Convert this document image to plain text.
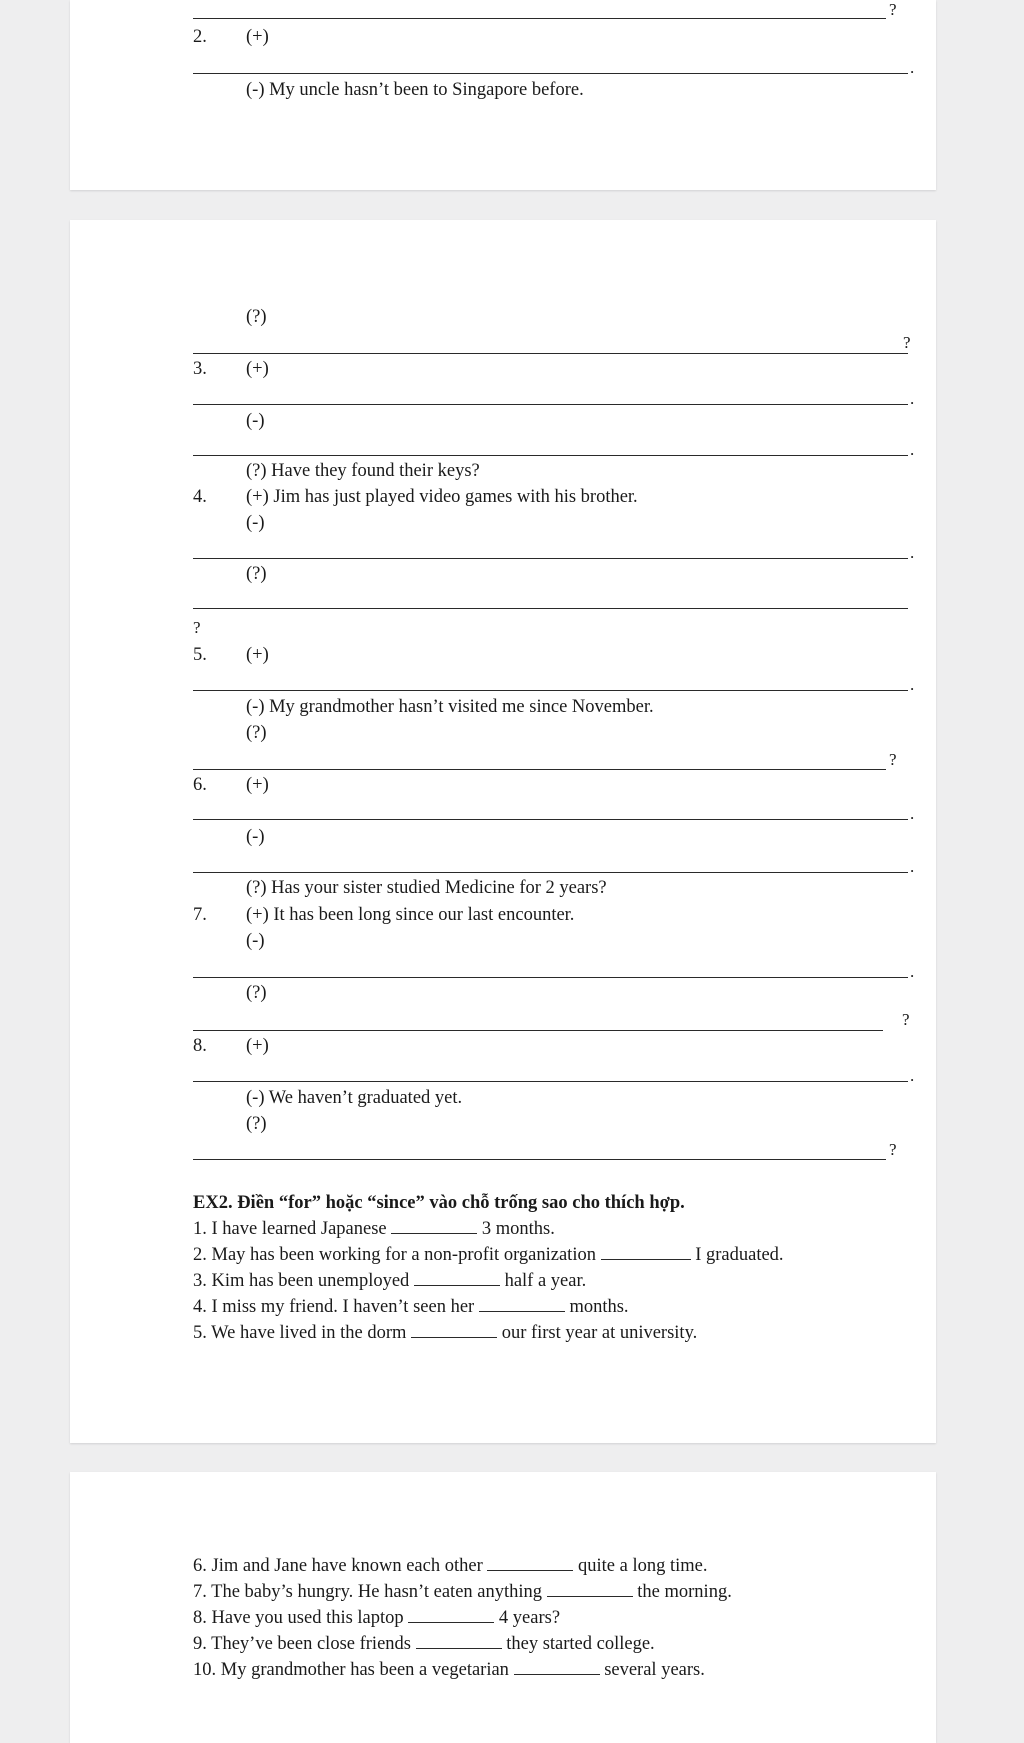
?
2. (+)
.
(-) My uncle hasn’t been to Singapore before.
(?)
?
3. (+)
.
(-)
.
(?) Have they found their keys?
4. (+) Jim has just played video games with his brother.
(-)
.
(?)
?
5. (+)
.
(-) My grandmother hasn’t visited me since November.
(?)
?
6. (+)
.
(-)
.
(?) Has your sister studied Medicine for 2 years?
7. (+) It has been long since our last encounter.
(-)
.
(?)
?
8. (+)
.
(-) We haven’t graduated yet.
(?)
?
EX2. Điền “for” hoặc “since” vào chỗ trống sao cho thích hợp.
1. I have learned Japanese	3 months.
2. May has been working for a non-profit organization	I graduated.
3. Kim has been unemployed	half a year.
4. I miss my friend. I haven’t seen her	months.
5. We have lived in the dorm	our first year at university.
6. Jim and Jane have known each other	quite a long time.
7. The baby’s hungry. He hasn’t eaten anything	the morning.
8. Have you used this laptop	4 years?
9. They’ve been close friends	they started college.
10. My grandmother has been a vegetarian	several years.
